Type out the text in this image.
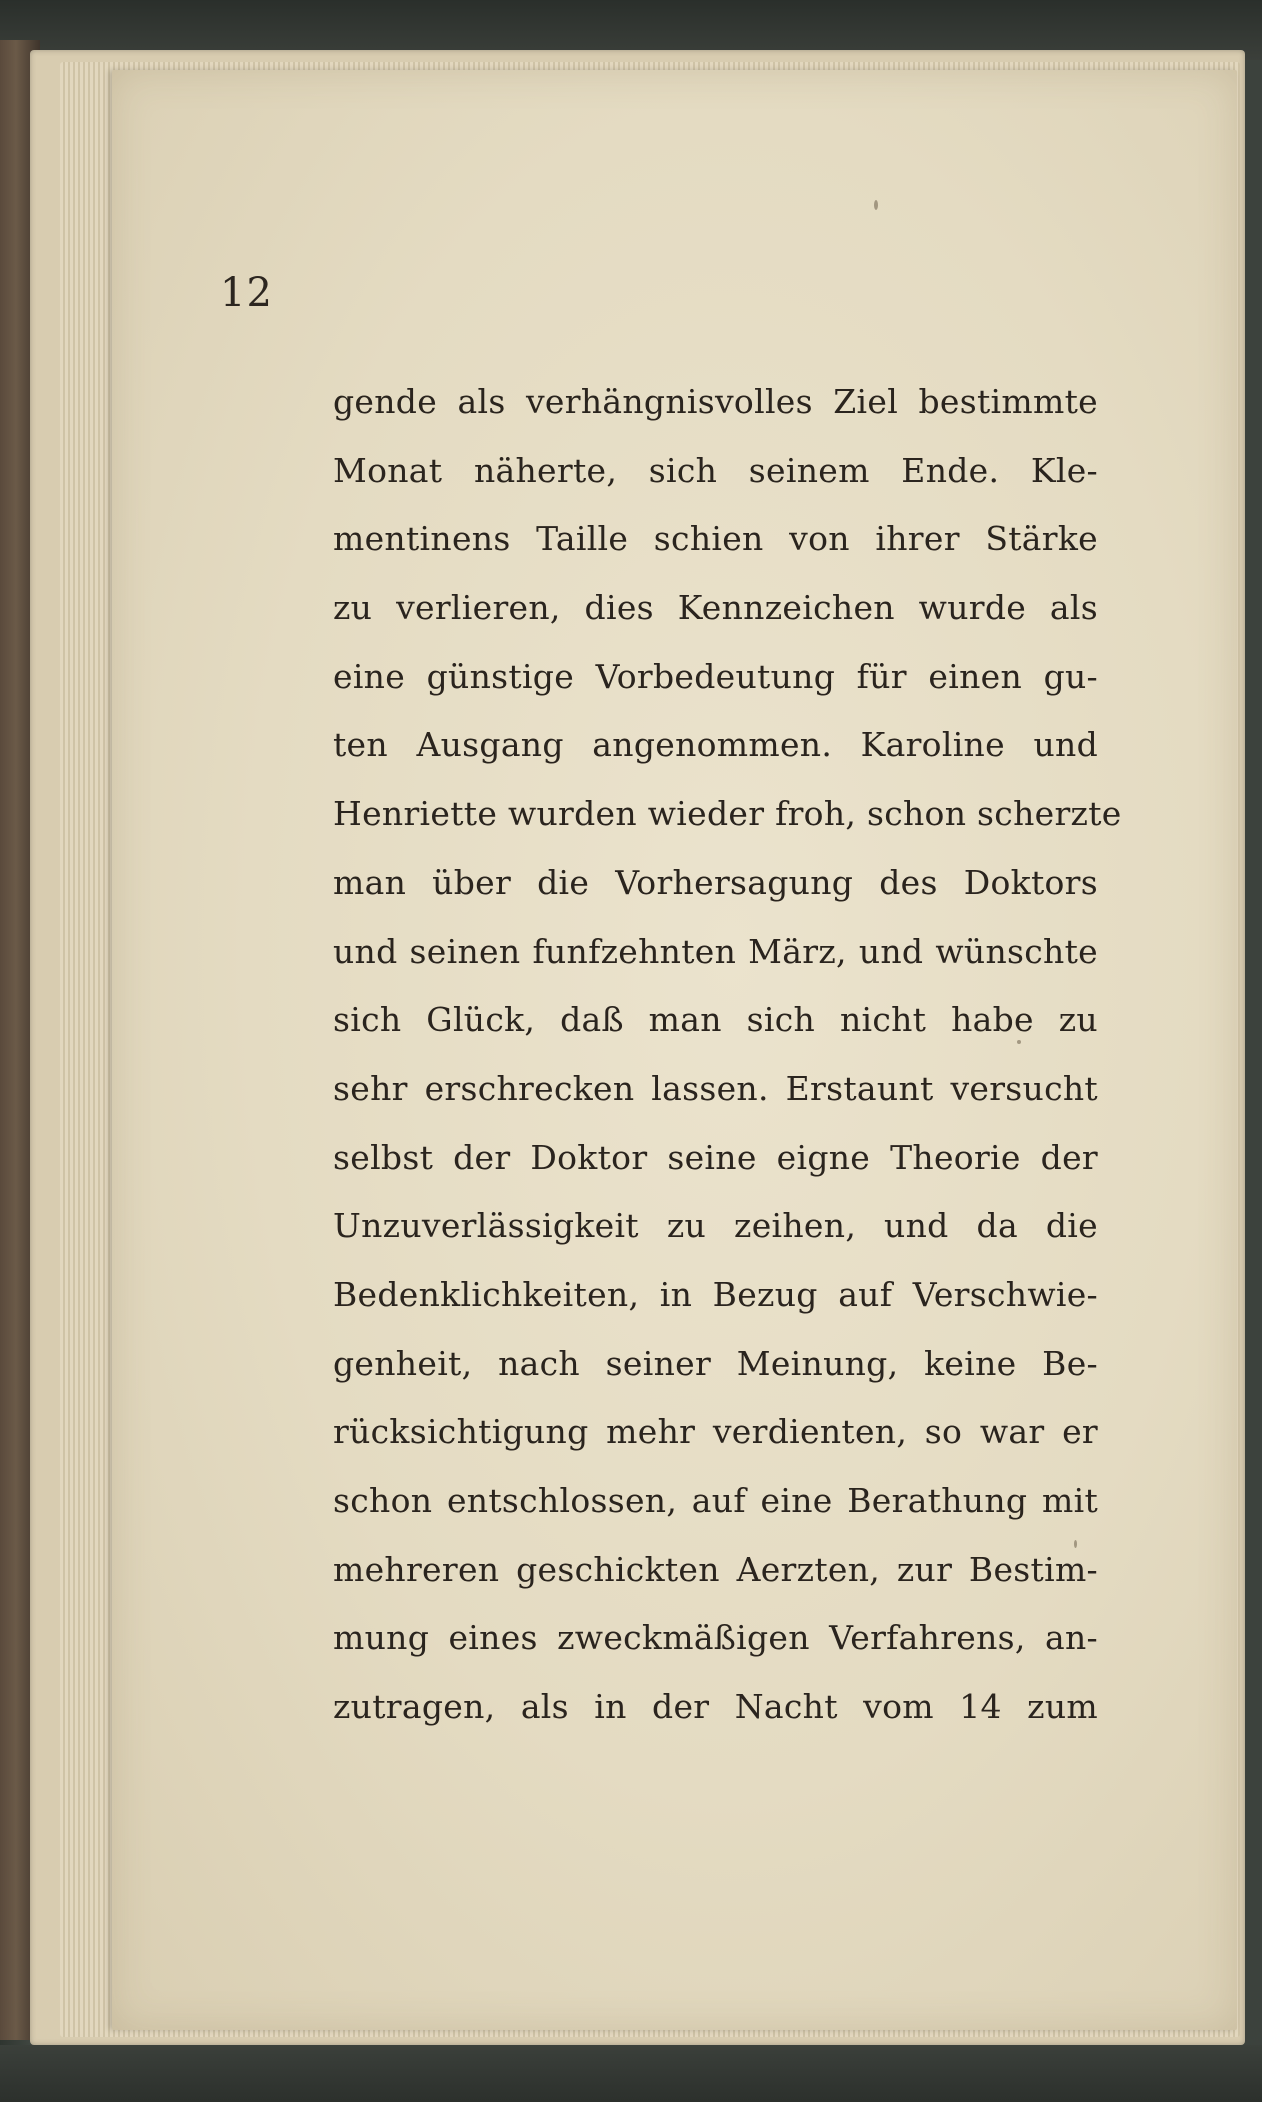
12
gende als verhängnisvolles Ziel bestimmte
Monat näherte, sich seinem Ende. Kle-
mentinens Taille schien von ihrer Stärke
zu verlieren, dies Kennzeichen wurde als
eine günstige Vorbedeutung für einen gu-
ten Ausgang angenommen. Karoline und
Henriette wurden wieder froh, schon scherzte
man über die Vorhersagung des Doktors
und seinen funfzehnten März, und wünschte
sich Glück, daß man sich nicht habe zu
sehr erschrecken lassen. Erstaunt versucht
selbst der Doktor seine eigne Theorie der
Unzuverlässigkeit zu zeihen, und da die
Bedenklichkeiten, in Bezug auf Verschwie-
genheit, nach seiner Meinung, keine Be-
rücksichtigung mehr verdienten, so war er
schon entschlossen, auf eine Berathung mit
mehreren geschickten Aerzten, zur Bestim-
mung eines zweckmäßigen Verfahrens, an-
zutragen, als in der Nacht vom 14 zum
